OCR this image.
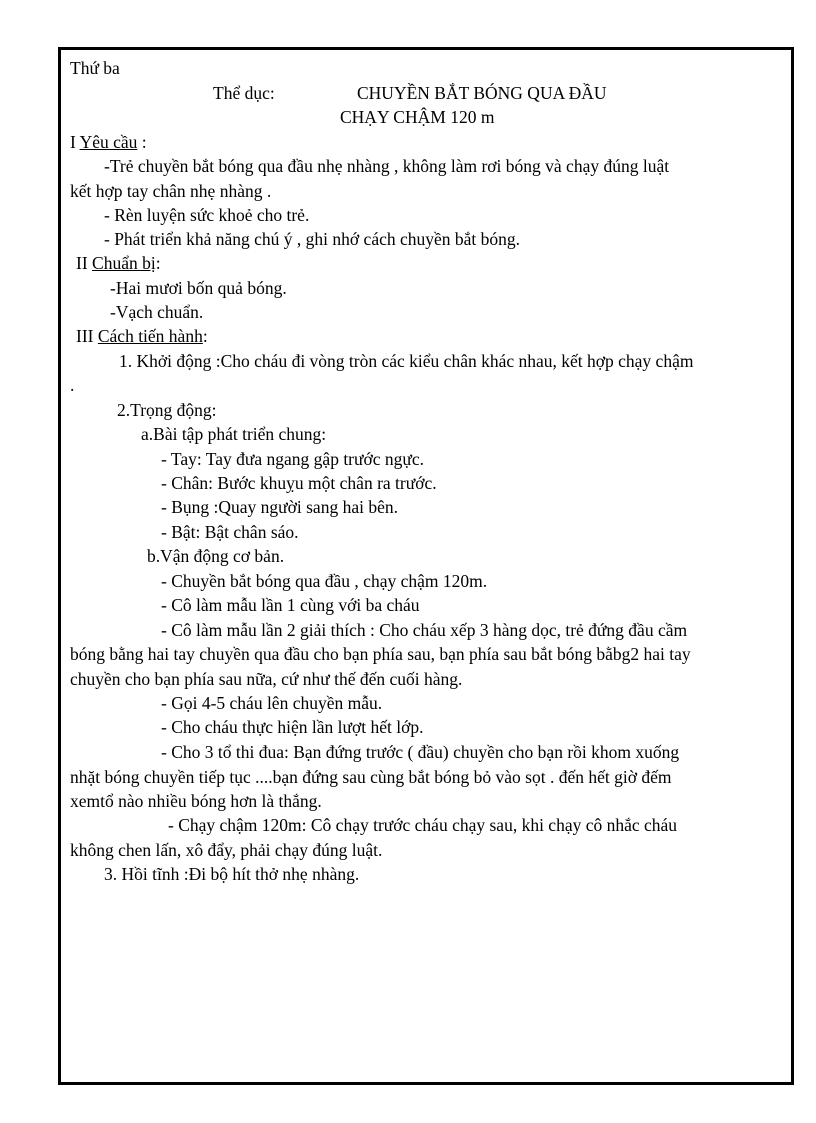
Thứ ba
Thể dục:	CHUYỀN BẮT BÓNG QUA ĐẦU
CHẠY CHẬM 120 m
I Yêu cầu :
-Trẻ chuyền bắt bóng qua đầu nhẹ nhàng , không làm rơi bóng và chạy đúng luật
kết hợp tay chân nhẹ nhàng .
- Rèn luyện sức khoẻ cho trẻ.
- Phát triển khả năng chú ý , ghi nhớ cách chuyền bắt bóng.
II Chuẩn bị:
-Hai mươi bốn quả bóng.
-Vạch chuẩn.
III Cách tiến hành:
1. Khởi động :Cho cháu đi vòng tròn các kiểu chân khác nhau, kết hợp chạy chậm
.
2.Trọng động:
a.Bài tập phát triển chung:
- Tay: Tay đưa ngang gập trước ngực.
- Chân: Bước khuỵu một chân ra trước.
- Bụng :Quay người sang hai bên.
- Bật: Bật chân sáo.
b.Vận động cơ bản.
- Chuyền bắt bóng qua đầu , chạy chậm 120m.
- Cô làm mẫu lần 1 cùng với ba cháu
- Cô làm mẫu lần 2 giải thích : Cho cháu xếp 3 hàng dọc, trẻ đứng đầu cầm
bóng bằng hai tay chuyền qua đầu cho bạn phía sau, bạn phía sau bắt bóng bằbg2 hai tay
chuyền cho bạn phía sau nữa, cứ như thế đến cuối hàng.
- Gọi 4-5 cháu lên chuyền mẫu.
- Cho cháu thực hiện lần lượt hết lớp.
- Cho 3 tổ thi đua: Bạn đứng trước ( đầu) chuyền cho bạn rồi khom xuống
nhặt bóng chuyền tiếp tục ....bạn đứng sau cùng bắt bóng bỏ vào sọt . đến hết giờ đếm
xemtổ nào nhiều bóng hơn là thắng.
- Chạy chậm 120m: Cô chạy trước cháu chạy sau, khi chạy cô nhắc cháu
không chen lấn, xô đẩy, phải chạy đúng luật.
3. Hồi tĩnh :Đi bộ hít thở nhẹ nhàng.
